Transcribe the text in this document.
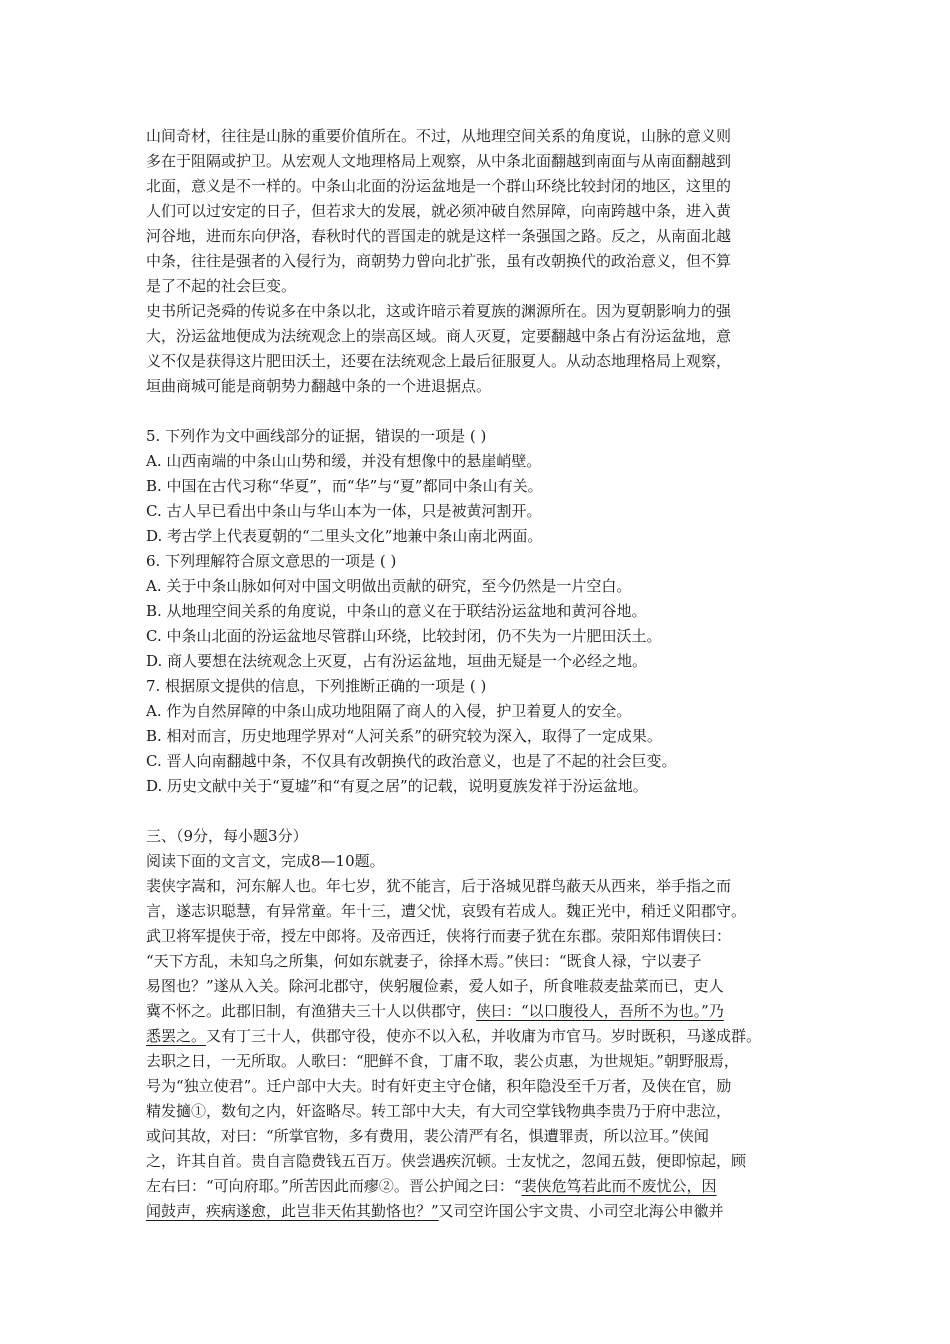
山间奇材，往往是山脉的重要价值所在。不过，从地理空间关系的角度说，山脉的意义则
多在于阻隔或护卫。从宏观人文地理格局上观察，从中条北面翻越到南面与从南面翻越到
北面，意义是不一样的。中条山北面的汾运盆地是一个群山环绕比较封闭的地区，这里的
人们可以过安定的日子，但若求大的发展，就必须冲破自然屏障，向南跨越中条，进入黄
河谷地，进而东向伊洛，春秋时代的晋国走的就是这样一条强国之路。反之，从南面北越
中条，往往是强者的入侵行为，商朝势力曾向北扩张，虽有改朝换代的政治意义，但不算
是了不起的社会巨变。
史书所记尧舜的传说多在中条以北，这或许暗示着夏族的渊源所在。因为夏朝影响力的强
大，汾运盆地便成为法统观念上的崇高区域。商人灭夏，定要翻越中条占有汾运盆地，意
义不仅是获得这片肥田沃土，还要在法统观念上最后征服夏人。从动态地理格局上观察，
垣曲商城可能是商朝势力翻越中条的一个进退据点。
5. 下列作为文中画线部分的证据，错误的一项是 ( )
A. 山西南端的中条山山势和缓，并没有想像中的悬崖峭壁。
B. 中国在古代习称“华夏”，而“华”与“夏”都同中条山有关。
C. 古人早已看出中条山与华山本为一体，只是被黄河割开。
D. 考古学上代表夏朝的“二里头文化”地兼中条山南北两面。
6. 下列理解符合原文意思的一项是 ( )
A. 关于中条山脉如何对中国文明做出贡献的研究，至今仍然是一片空白。
B. 从地理空间关系的角度说，中条山的意义在于联结汾运盆地和黄河谷地。
C. 中条山北面的汾运盆地尽管群山环绕，比较封闭，仍不失为一片肥田沃土。
D. 商人要想在法统观念上灭夏，占有汾运盆地，垣曲无疑是一个必经之地。
7. 根据原文提供的信息，下列推断正确的一项是 ( )
A. 作为自然屏障的中条山成功地阻隔了商人的入侵，护卫着夏人的安全。
B. 相对而言，历史地理学界对“人河关系”的研究较为深入，取得了一定成果。
C. 晋人向南翻越中条，不仅具有改朝换代的政治意义，也是了不起的社会巨变。
D. 历史文献中关于“夏墟”和“有夏之居”的记载，说明夏族发祥于汾运盆地。
三、（9分，每小题3分）
阅读下面的文言文，完成8—10题。
裴侠字嵩和，河东解人也。年七岁，犹不能言，后于洛城见群鸟蔽天从西来，举手指之而
言，遂志识聪慧，有异常童。年十三，遭父忧，哀毁有若成人。魏正光中，稍迁义阳郡守。
武卫将军提侠于帝，授左中郎将。及帝西迁，侠将行而妻子犹在东郡。荥阳郑伟谓侠曰：
“天下方乱，未知乌之所集，何如东就妻子，徐择木焉。”侠曰：“既食人禄，宁以妻子
易图也？”遂从入关。除河北郡守，侠躬履俭素，爱人如子，所食唯菽麦盐菜而已，吏人
冀不怀之。此郡旧制，有渔猎夫三十人以供郡守，侠曰：“以口腹役人，吾所不为也。”乃
悉罢之。又有丁三十人，供郡守役，使亦不以入私，并收庸为市官马。岁时既积，马遂成群。
去职之日，一无所取。人歌曰：“肥鲜不食，丁庸不取，裴公贞惠，为世规矩。”朝野服焉，
号为“独立使君”。迁户部中大夫。时有奸吏主守仓储，积年隐没至千万者，及侠在官，励
精发擿①，数旬之内，奸盗略尽。转工部中大夫，有大司空掌钱物典李贵乃于府中悲泣，
或问其故，对曰：“所掌官物，多有费用，裴公清严有名，惧遭罪责，所以泣耳。”侠闻
之，许其自首。贵自言隐费钱五百万。侠尝遇疾沉顿。士友忧之，忽闻五鼓，便即惊起，顾
左右曰：“可向府耶。”所苦因此而瘳②。晋公护闻之曰：“裴侠危笃若此而不废忧公，因
闻鼓声，疾病遂愈，此岂非天佑其勤恪也？”又司空许国公宇文贵、小司空北海公申徽并
